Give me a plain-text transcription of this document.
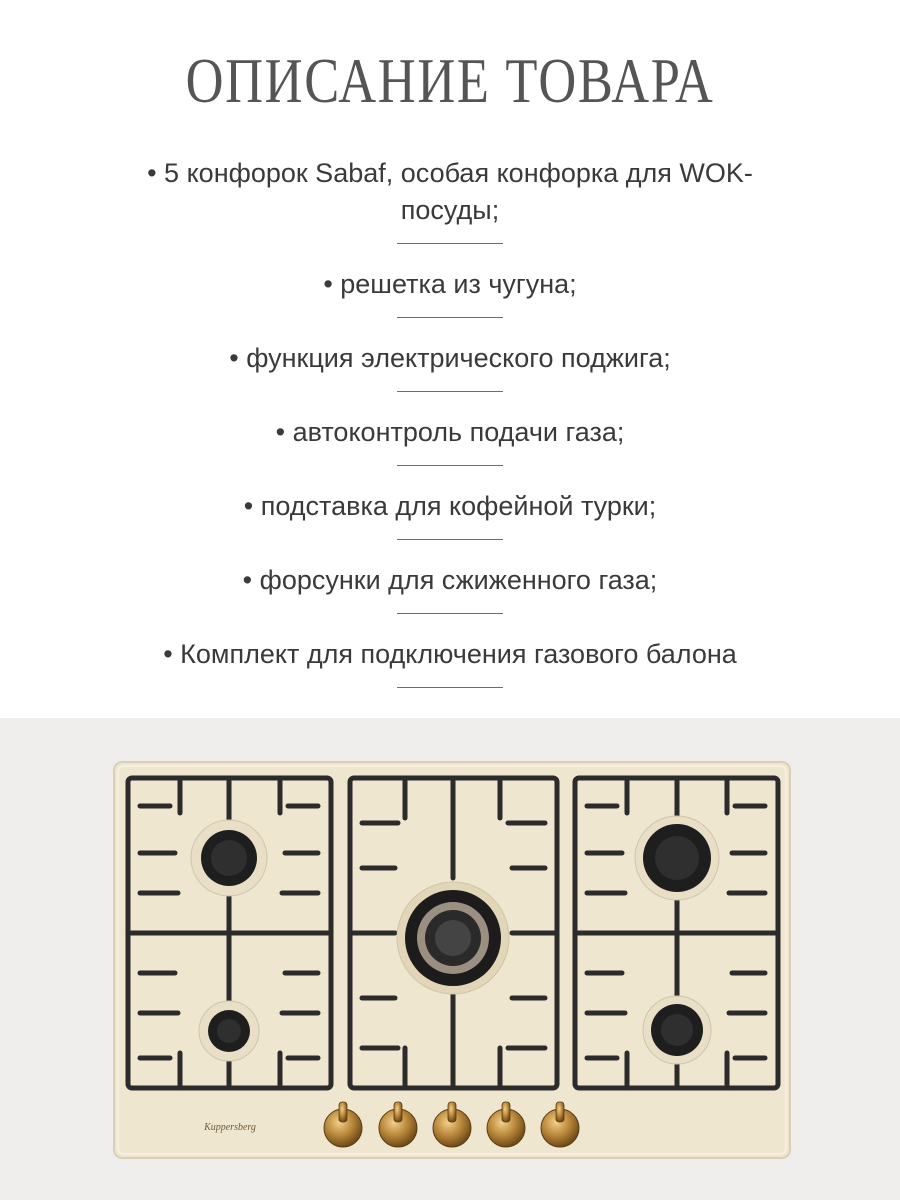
ОПИСАНИЕ ТОВАРА
• 5 конфорок Sabaf, особая конфорка для WOK-посуды;
• решетка из чугуна;
• функция электрического поджига;
• автоконтроль подачи газа;
• подставка для кофейной турки;
• форсунки для сжиженного газа;
• Комплект для подключения газового балона
Kuppersberg
